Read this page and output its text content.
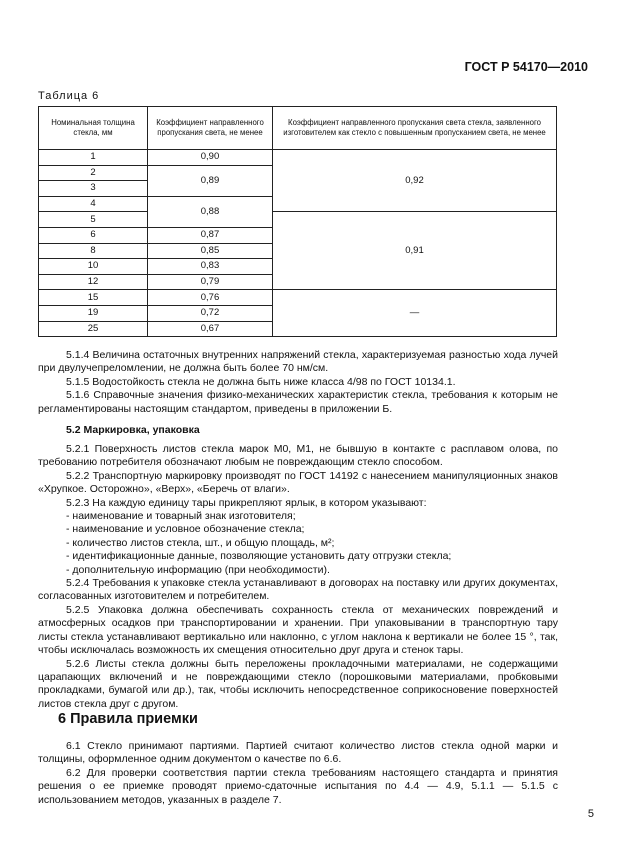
ГОСТ Р 54170—2010
Таблица 6
Номинальная толщина стекла, мм	Коэффициент направленного пропускания света, не менее	Коэффициент направленного пропускания света стекла, заявленного изготовителем как стекло с повышенным пропусканием света, не менее
1	0,90	0,92
2	0,89	
3		
4	0,88	
5		0,91
6	0,87	
8	0,85	
10	0,83	
12	0,79	
15	0,76	—
19	0,72	
25	0,67	

5.1.4 Величина остаточных внутренних напряжений стекла, характеризуемая разностью хода лучей при двулучепреломлении, не должна быть более 70 нм/см.

5.1.5 Водостойкость стекла не должна быть ниже класса 4/98 по ГОСТ 10134.1.

5.1.6 Справочные значения физико-механических характеристик стекла, требования к которым не регламентированы настоящим стандартом, приведены в приложении Б.

5.2 Маркировка, упаковка

5.2.1 Поверхность листов стекла марок М0, М1, не бывшую в контакте с расплавом олова, по требованию потребителя обозначают любым не повреждающим стекло способом.

5.2.2 Транспортную маркировку производят по ГОСТ 14192 с нанесением манипуляционных знаков «Хрупкое. Осторожно», «Верх», «Беречь от влаги».

5.2.3 На каждую единицу тары прикрепляют ярлык, в котором указывают:

- наименование и товарный знак изготовителя;

- наименование и условное обозначение стекла;

- количество листов стекла, шт., и общую площадь, м²;

- идентификационные данные, позволяющие установить дату отгрузки стекла;

- дополнительную информацию (при необходимости).

5.2.4 Требования к упаковке стекла устанавливают в договорах на поставку или других документах, согласованных изготовителем и потребителем.

5.2.5 Упаковка должна обеспечивать сохранность стекла от механических повреждений и атмосферных осадков при транспортировании и хранении. При упаковывании в транспортную тару листы стекла устанавливают вертикально или наклонно, с углом наклона к вертикали не более 15 °, так, чтобы исключалась возможность их смещения относительно друг друга и стенок тары.

5.2.6 Листы стекла должны быть переложены прокладочными материалами, не содержащими царапающих включений и не повреждающими стекло (порошковыми материалами, пробковыми прокладками, бумагой или др.), так, чтобы исключить непосредственное соприкосновение поверхностей листов стекла друг с другом.

6 Правила приемки

6.1 Стекло принимают партиями. Партией считают количество листов стекла одной марки и толщины, оформленное одним документом о качестве по 6.6.

6.2 Для проверки соответствия партии стекла требованиям настоящего стандарта и принятия решения о ее приемке проводят приемо-сдаточные испытания по 4.4 — 4.9, 5.1.1 — 5.1.5 с использованием методов, указанных в разделе 7.

5
